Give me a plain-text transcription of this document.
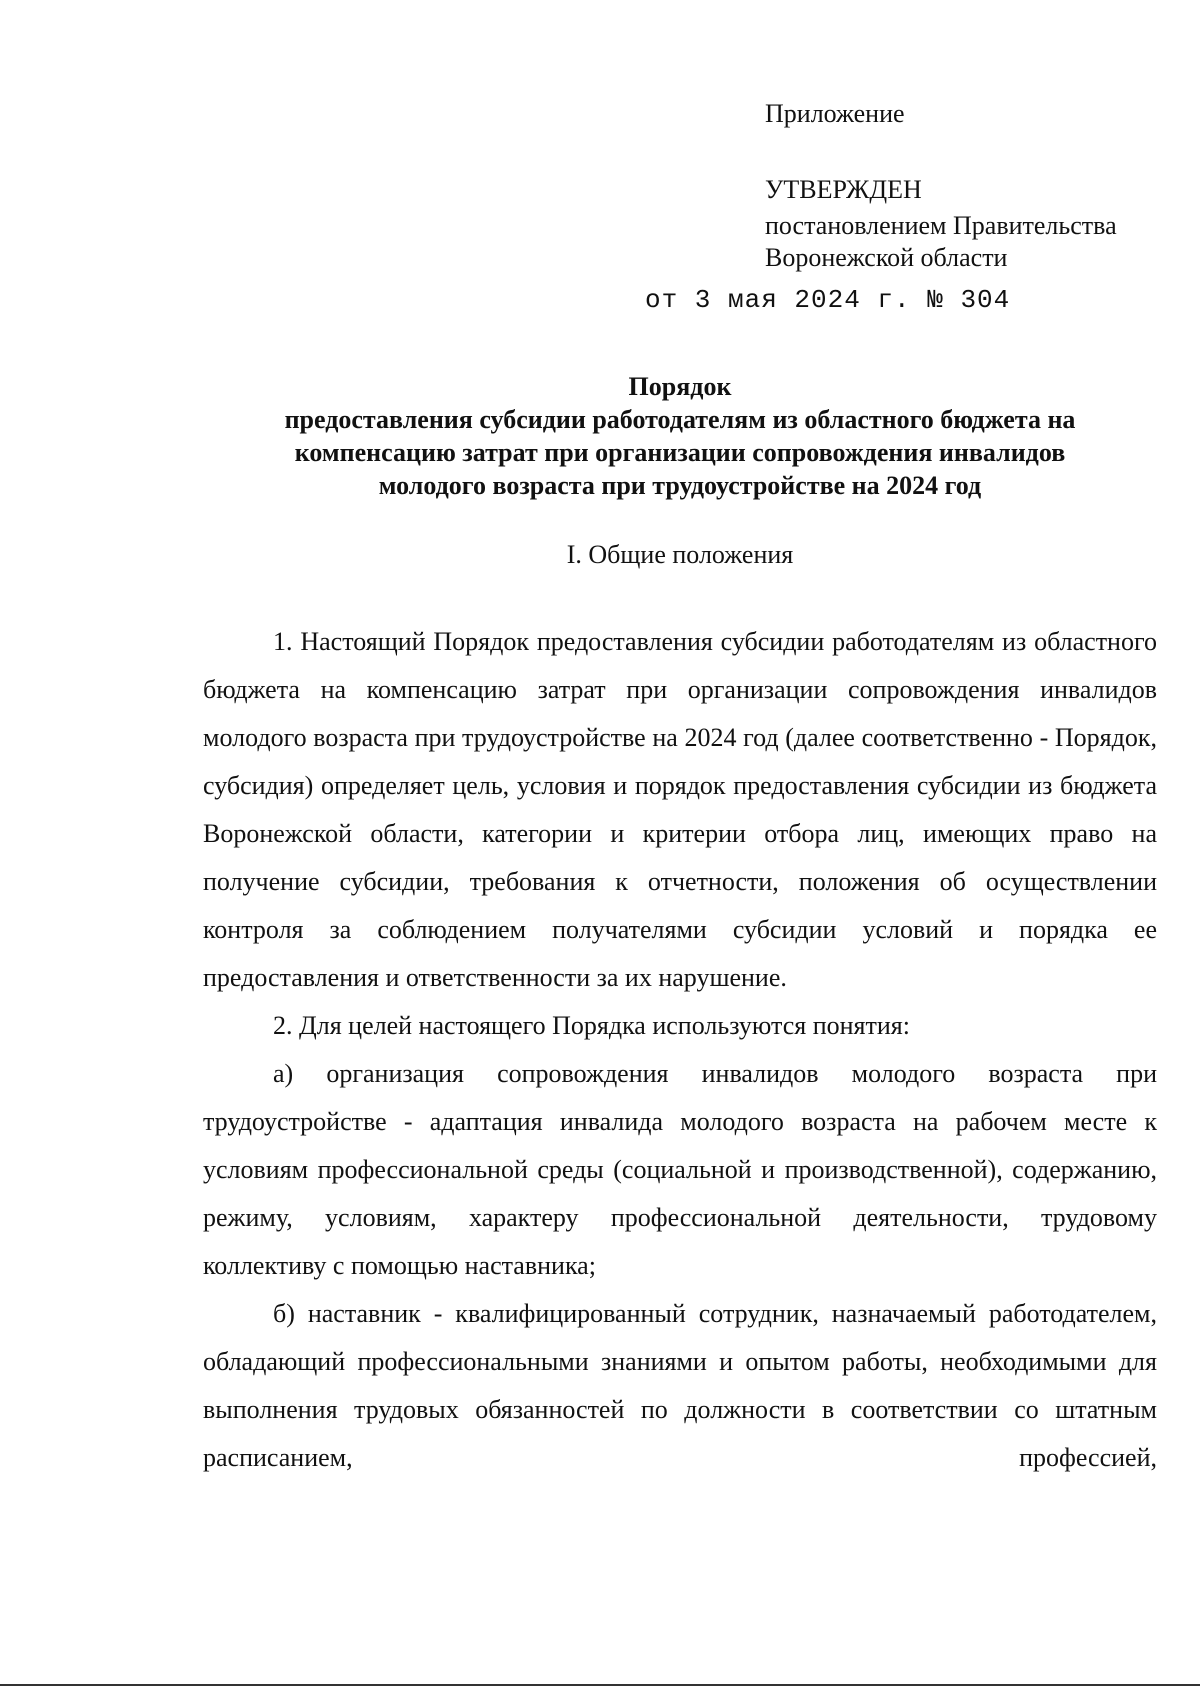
Приложение
УТВЕРЖДЕН
постановлением Правительства
Воронежской области
от 3 мая 2024 г. № 304
Порядок
предоставления субсидии работодателям из областного бюджета на
компенсацию затрат при организации сопровождения инвалидов
молодого возраста при трудоустройстве на 2024 год
I. Общие положения

1. Настоящий Порядок предоставления субсидии работодателям из областного бюджета на компенсацию затрат при организации сопровождения инвалидов молодого возраста при трудоустройстве на 2024 год (далее соответственно - Порядок, субсидия) определяет цель, условия и порядок предоставления субсидии из бюджета Воронежской области, категории и критерии отбора лиц, имеющих право на получение субсидии, требования к отчетности, положения об осуществлении контроля за соблюдением получателями субсидии условий и порядка ее предоставления и ответственности за их нарушение.

2. Для целей настоящего Порядка используются понятия:

а) организация сопровождения инвалидов молодого возраста при трудоустройстве - адаптация инвалида молодого возраста на рабочем месте к условиям профессиональной среды (социальной и производственной), содержанию, режиму, условиям, характеру профессиональной деятельности, трудовому коллективу с помощью наставника;

б) наставник - квалифицированный сотрудник, назначаемый работодателем, обладающий профессиональными знаниями и опытом работы, необходимыми для выполнения трудовых обязанностей по должности в соответствии со штатным расписанием, профессией,
